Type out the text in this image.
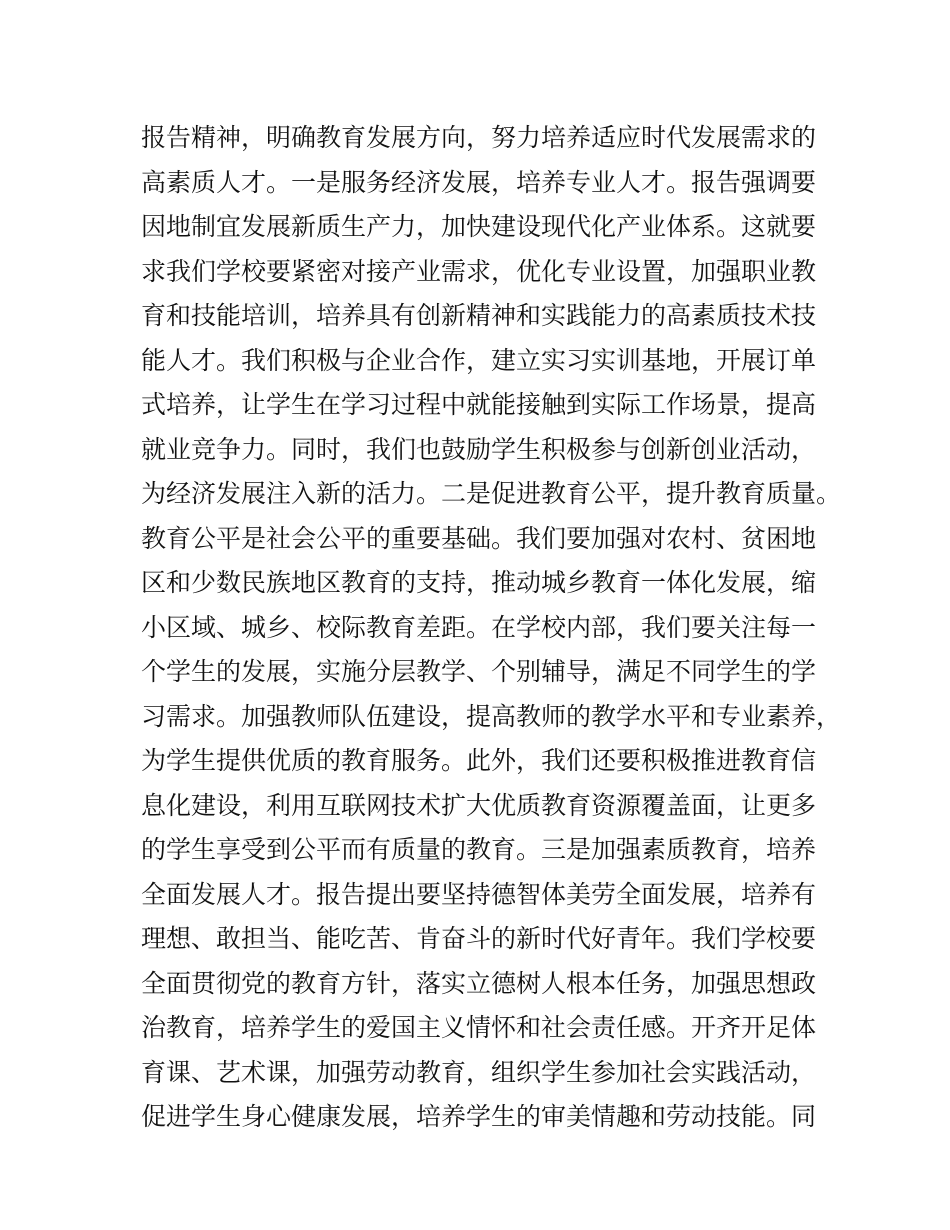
报告精神，明确教育发展方向，努力培养适应时代发展需求的
高素质人才。一是服务经济发展，培养专业人才。报告强调要
因地制宜发展新质生产力，加快建设现代化产业体系。这就要
求我们学校要紧密对接产业需求，优化专业设置，加强职业教
育和技能培训，培养具有创新精神和实践能力的高素质技术技
能人才。我们积极与企业合作，建立实习实训基地，开展订单
式培养，让学生在学习过程中就能接触到实际工作场景，提高
就业竞争力。同时，我们也鼓励学生积极参与创新创业活动，
为经济发展注入新的活力。二是促进教育公平，提升教育质量。
教育公平是社会公平的重要基础。我们要加强对农村、贫困地
区和少数民族地区教育的支持，推动城乡教育一体化发展，缩
小区域、城乡、校际教育差距。在学校内部，我们要关注每一
个学生的发展，实施分层教学、个别辅导，满足不同学生的学
习需求。加强教师队伍建设，提高教师的教学水平和专业素养，
为学生提供优质的教育服务。此外，我们还要积极推进教育信
息化建设，利用互联网技术扩大优质教育资源覆盖面，让更多
的学生享受到公平而有质量的教育。三是加强素质教育，培养
全面发展人才。报告提出要坚持德智体美劳全面发展，培养有
理想、敢担当、能吃苦、肯奋斗的新时代好青年。我们学校要
全面贯彻党的教育方针，落实立德树人根本任务，加强思想政
治教育，培养学生的爱国主义情怀和社会责任感。开齐开足体
育课、艺术课，加强劳动教育，组织学生参加社会实践活动，
促进学生身心健康发展，培养学生的审美情趣和劳动技能。同
